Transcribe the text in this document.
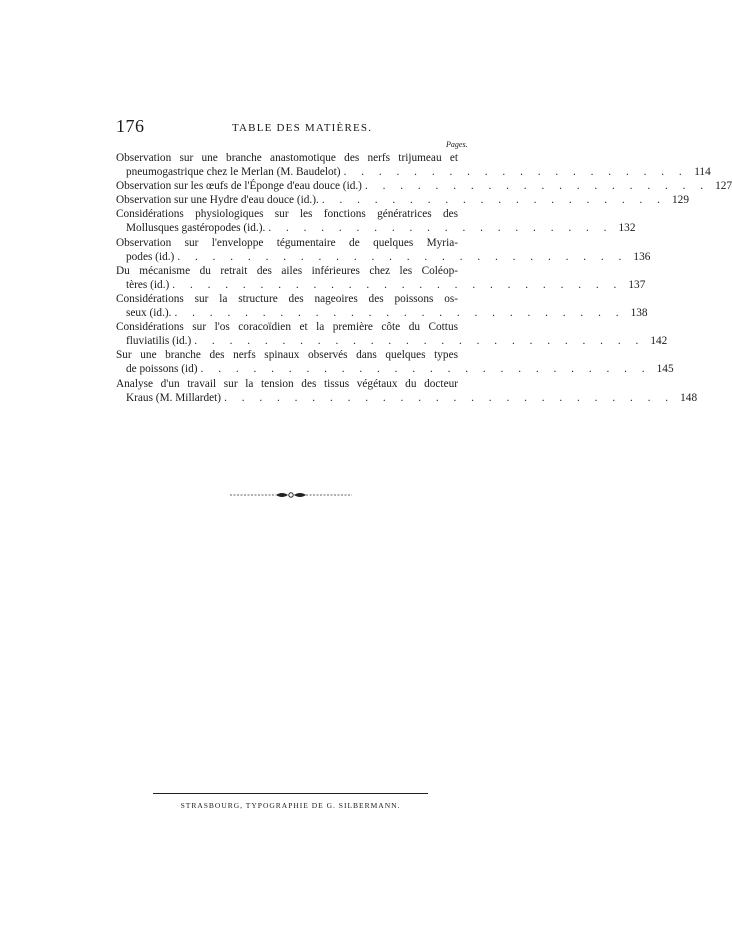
176	TABLE DES MATIÈRES.
Pages.
Observation sur une branche anastomotique des nerfs trijumeau et
pneumogastrique chez le Merlan (M. Baudelot) . . . . . . . . . . . . . . . . . . . . 114
Observation sur les œufs de l'Éponge d'eau douce (id.) . . . . . . . . . . . . . . . . . . . . 127
Observation sur une Hydre d'eau douce (id.). . . . . . . . . . . . . . . . . . . . . 129
Considérations physiologiques sur les fonctions génératrices des
Mollusques gastéropodes (id.). . . . . . . . . . . . . . . . . . . . . 132
Observation sur l'enveloppe tégumentaire de quelques Myria-
podes (id.) . . . . . . . . . . . . . . . . . . . . . . . . . . 136
Du mécanisme du retrait des ailes inférieures chez les Coléop-
tères (id.) . . . . . . . . . . . . . . . . . . . . . . . . . . 137
Considérations sur la structure des nageoires des poissons os-
seux (id.). . . . . . . . . . . . . . . . . . . . . . . . . . . 138
Considérations sur l'os coracoïdien et la première côte du Cottus
fluviatilis (id.) . . . . . . . . . . . . . . . . . . . . . . . . . . 142
Sur une branche des nerfs spinaux observés dans quelques types
de poissons (id) . . . . . . . . . . . . . . . . . . . . . . . . . . 145
Analyse d'un travail sur la tension des tissus végétaux du docteur
Kraus (M. Millardet) . . . . . . . . . . . . . . . . . . . . . . . . . . 148
STRASBOURG, TYPOGRAPHIE DE G. SILBERMANN.
